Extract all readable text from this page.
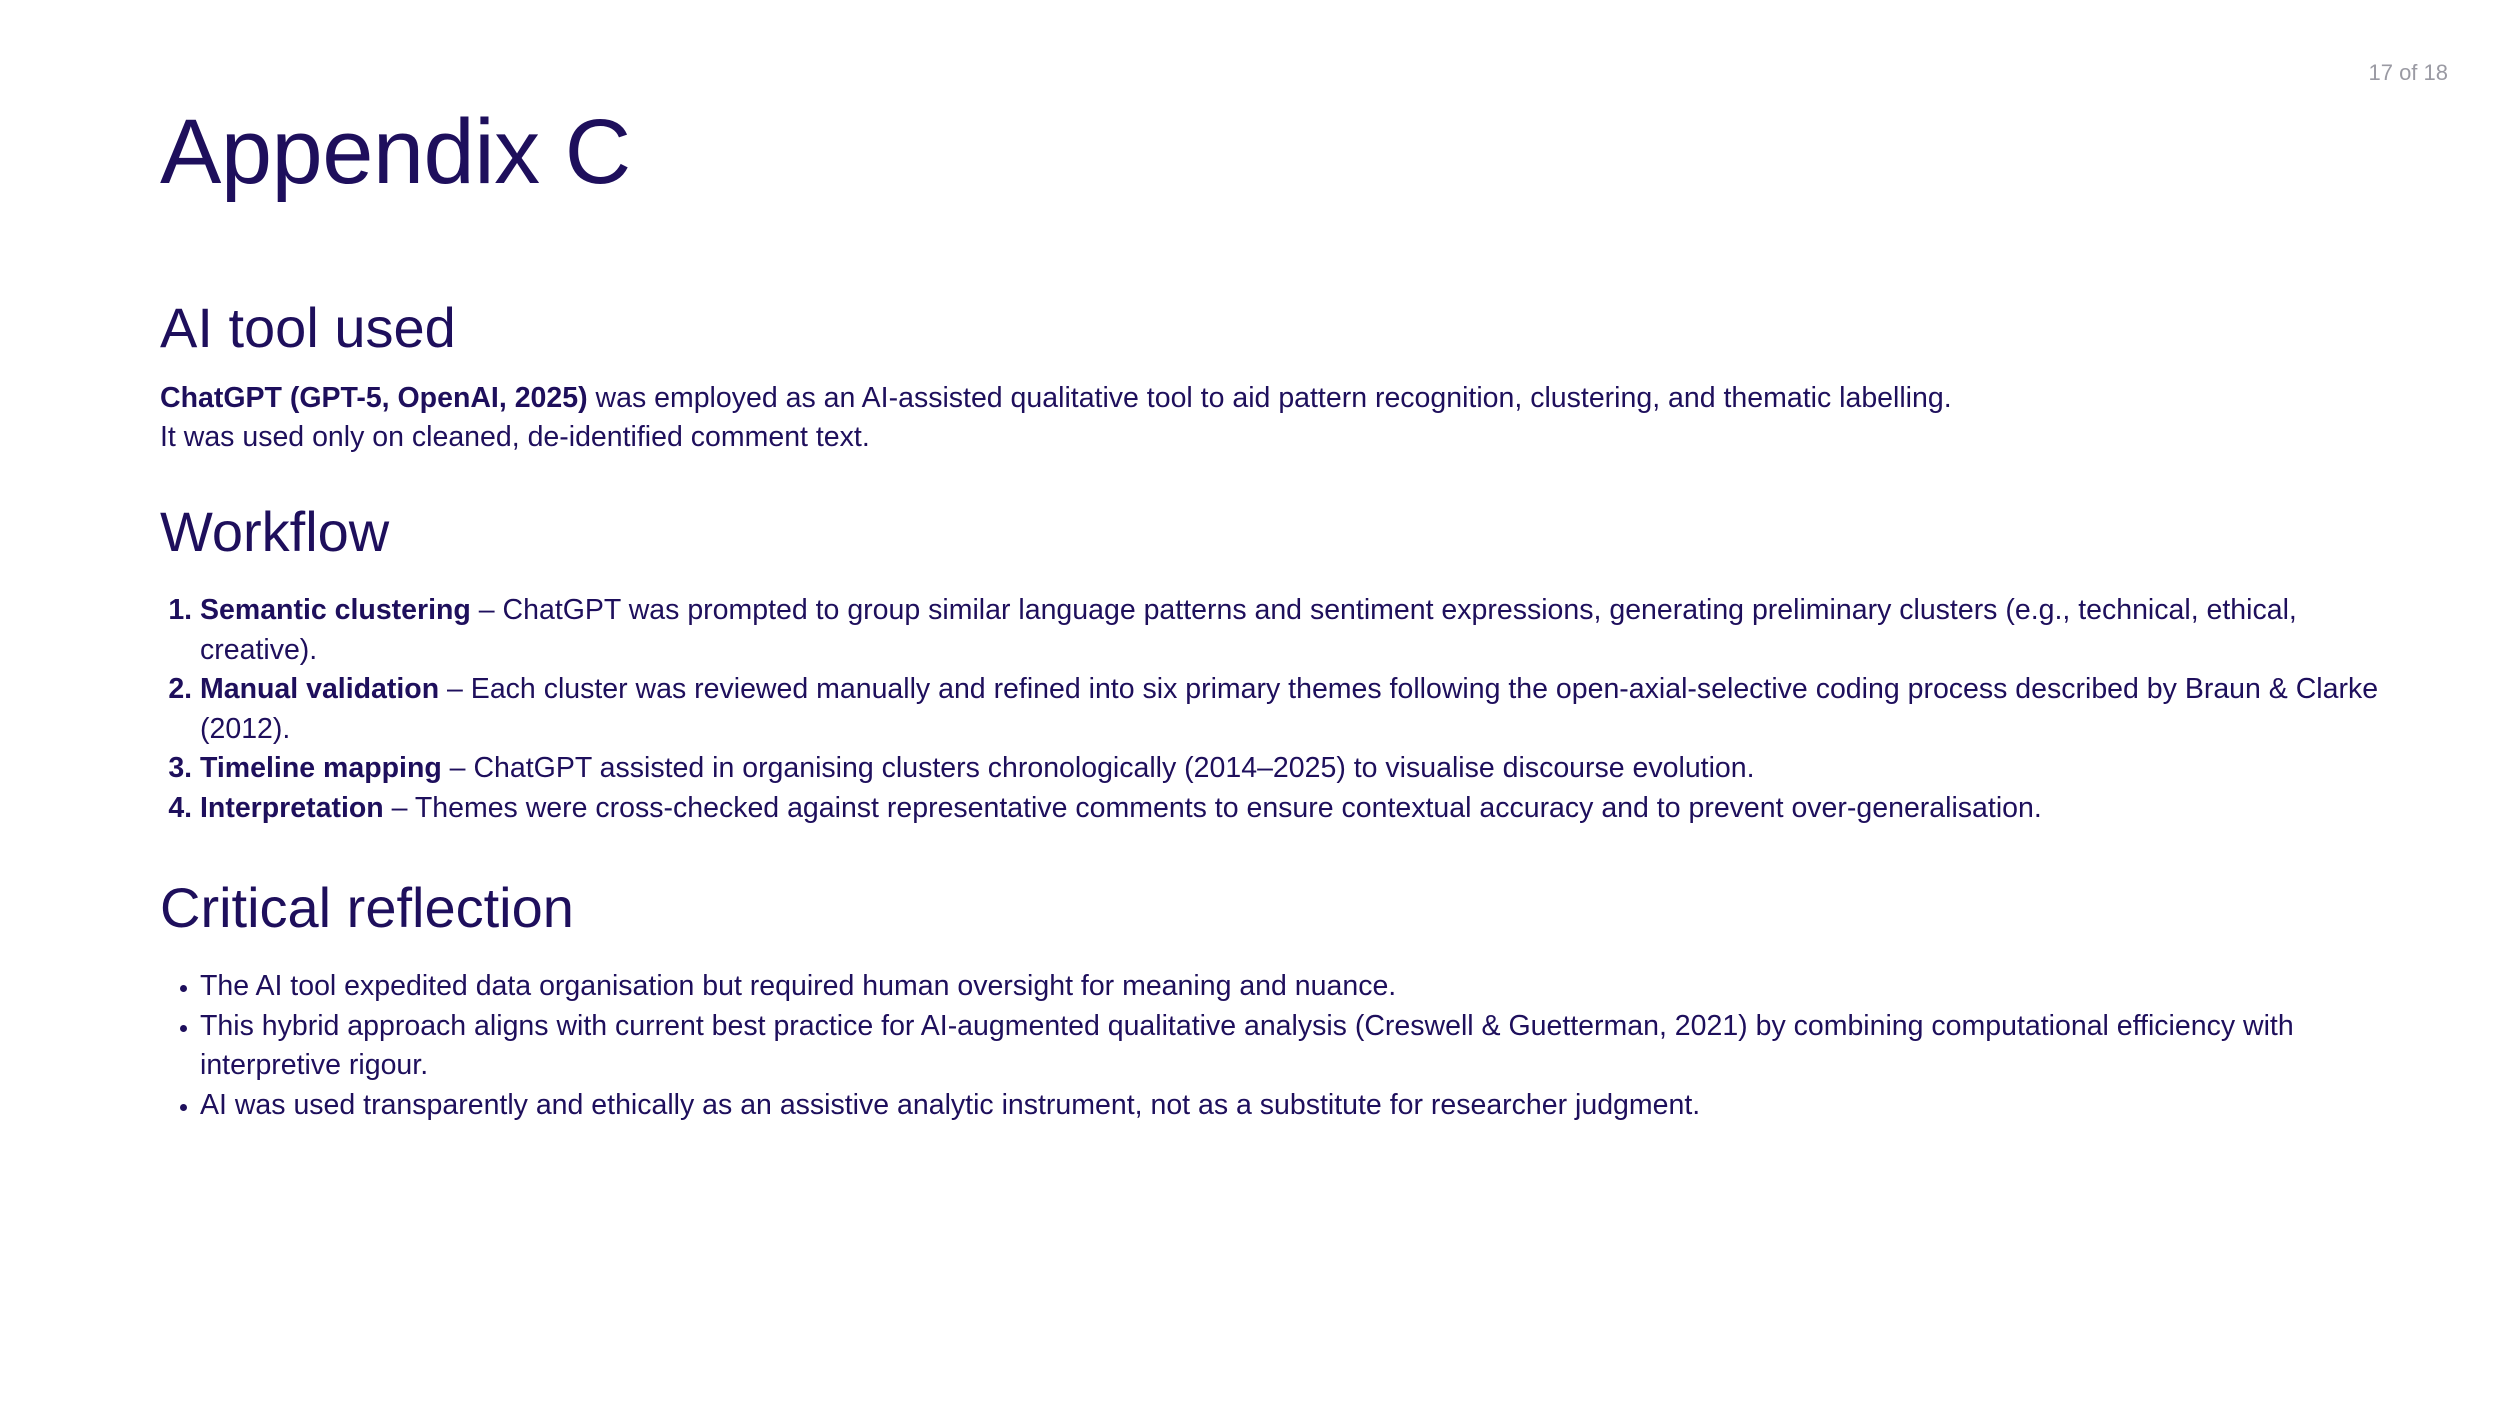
17 of 18
Appendix C
AI tool used

ChatGPT (GPT-5, OpenAI, 2025) was employed as an AI-assisted qualitative tool to aid pattern recognition, clustering, and thematic labelling.
It was used only on cleaned, de-identified comment text.

Workflow
1. Semantic clustering – ChatGPT was prompted to group similar language patterns and sentiment expressions, generating preliminary clusters (e.g., technical, ethical, creative).
2. Manual validation – Each cluster was reviewed manually and refined into six primary themes following the open-axial-selective coding process described by Braun & Clarke (2012).
3. Timeline mapping – ChatGPT assisted in organising clusters chronologically (2014–2025) to visualise discourse evolution.
4. Interpretation – Themes were cross-checked against representative comments to ensure contextual accuracy and to prevent over-generalisation.
Critical reflection
• The AI tool expedited data organisation but required human oversight for meaning and nuance.
• This hybrid approach aligns with current best practice for AI-augmented qualitative analysis (Creswell & Guetterman, 2021) by combining computational efficiency with interpretive rigour.
• AI was used transparently and ethically as an assistive analytic instrument, not as a substitute for researcher judgment.
